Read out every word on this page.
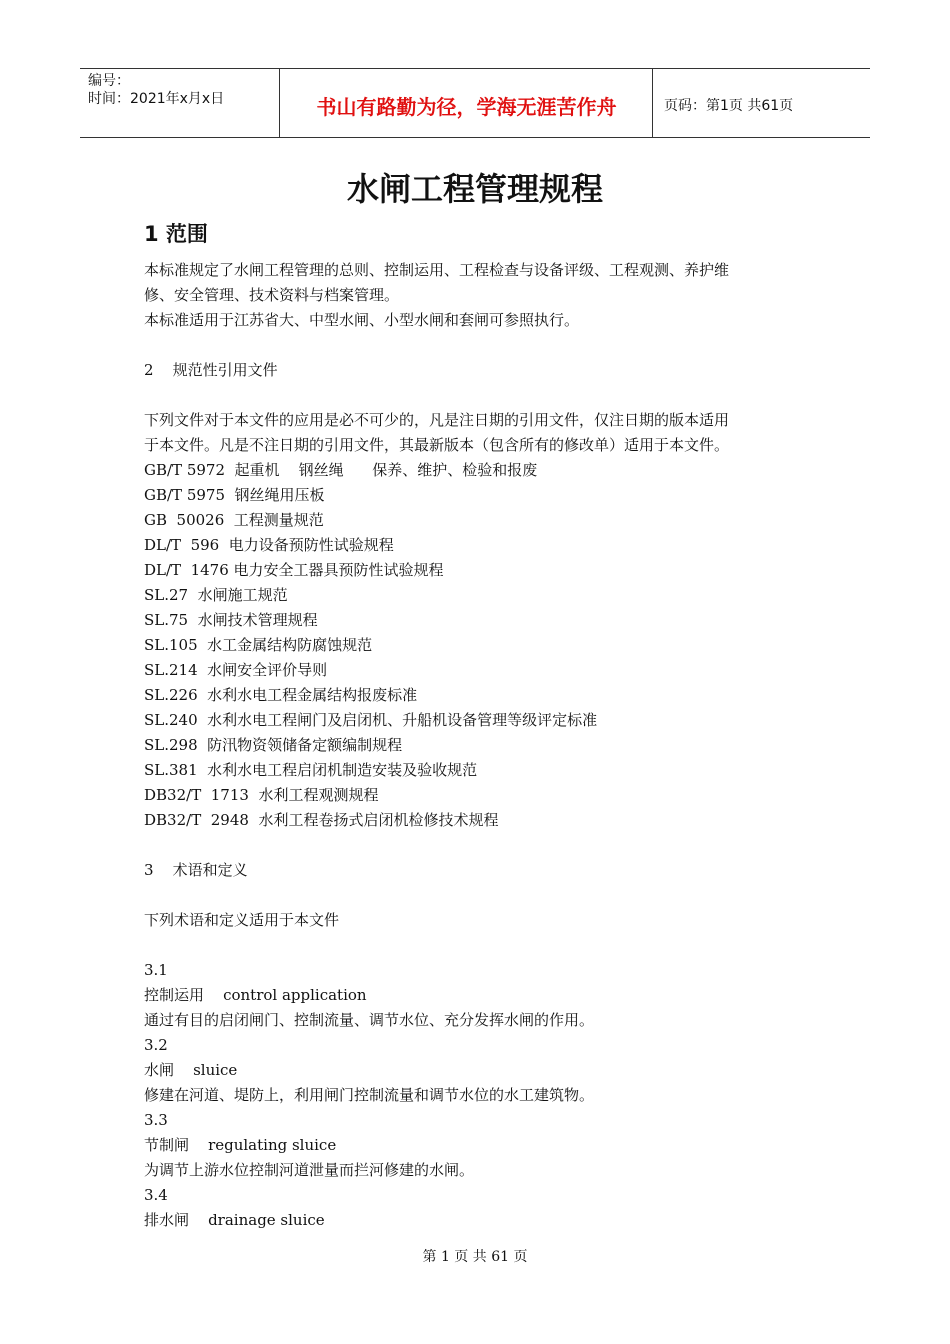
编号：
时间：2021年x月x日	书山有路勤为径，学海无涯苦作舟	页码：第1页 共61页
水闸工程管理规程
1 范围
本标准规定了水闸工程管理的总则、控制运用、工程检查与设备评级、工程观测、养护维
修、安全管理、技术资料与档案管理。
本标准适用于江苏省大、中型水闸、小型水闸和套闸可参照执行。
2    规范性引用文件
下列文件对于本文件的应用是必不可少的，凡是注日期的引用文件，仅注日期的版本适用
于本文件。凡是不注日期的引用文件，其最新版本（包含所有的修改单）适用于本文件。
GB/T 5972  起重机    钢丝绳      保养、维护、检验和报废
GB/T 5975  钢丝绳用压板
GB  50026  工程测量规范
DL/T  596  电力设备预防性试验规程
DL/T  1476 电力安全工器具预防性试验规程
SL.27  水闸施工规范
SL.75  水闸技术管理规程
SL.105  水工金属结构防腐蚀规范
SL.214  水闸安全评价导则
SL.226  水利水电工程金属结构报废标准
SL.240  水利水电工程闸门及启闭机、升船机设备管理等级评定标准
SL.298  防汛物资领储备定额编制规程
SL.381  水利水电工程启闭机制造安装及验收规范
DB32/T  1713  水利工程观测规程
DB32/T  2948  水利工程卷扬式启闭机检修技术规程
3    术语和定义
下列术语和定义适用于本文件
3.1
控制运用    control application
通过有目的启闭闸门、控制流量、调节水位、充分发挥水闸的作用。
3.2
水闸    sluice
修建在河道、堤防上，利用闸门控制流量和调节水位的水工建筑物。
3.3
节制闸    regulating sluice
为调节上游水位控制河道泄量而拦河修建的水闸。
3.4
排水闸    drainage sluice
第 1 页 共 61 页
